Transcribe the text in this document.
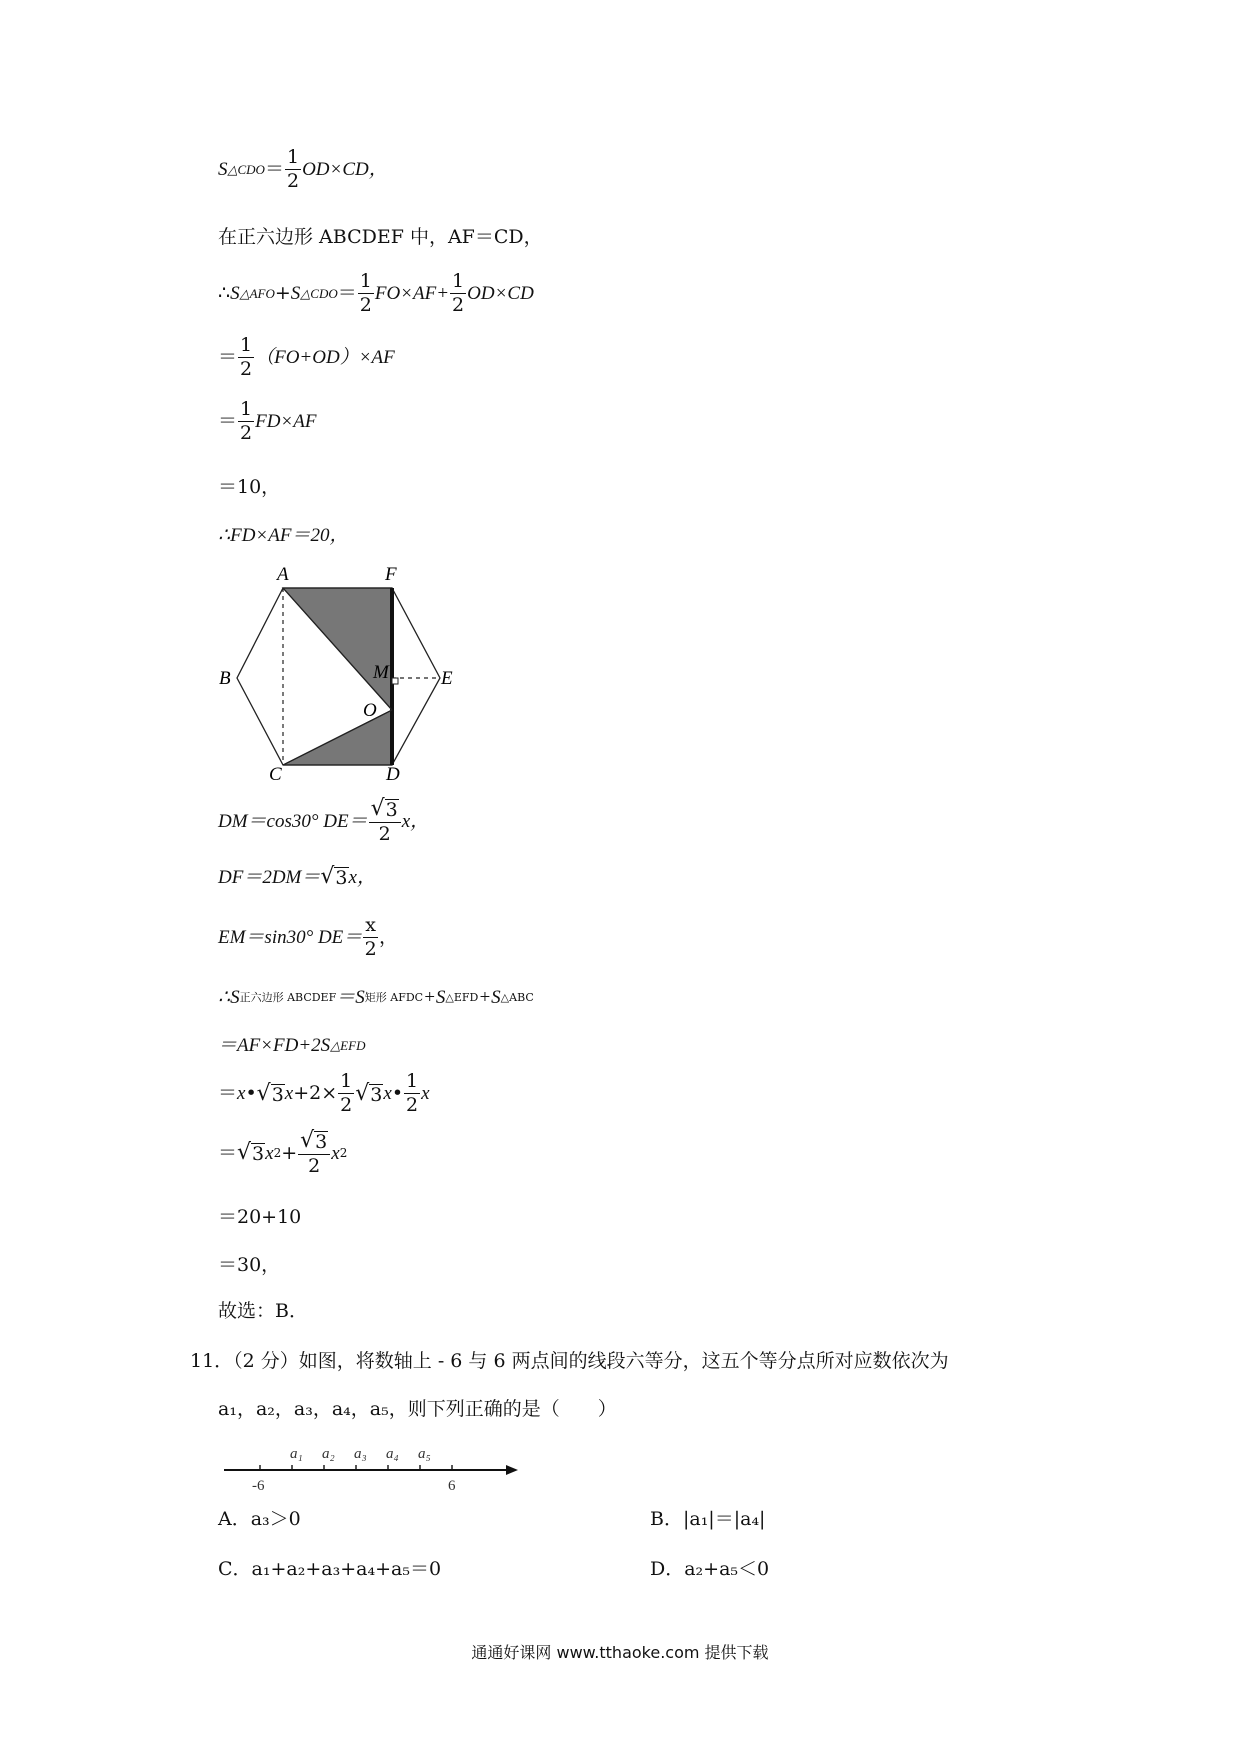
S △CDO ＝ $\frac{1}{2} OD\times CD$，
在正六边形 ABCDEF 中，AF＝CD，
∴ S △AFO + S △CDO ＝ $\frac{1}{2} FO\times AF+ \frac{1}{2} OD\times CD$
＝ $\frac{1}{2} (FO+OD)\times AF$
＝ $\frac{1}{2} FD\times AF$
＝10，
∴FD×AF＝20，
A	F
B	M	E
O
C	D
DM＝cos30° $DE= \frac{√ 3}{2}$ x，
DF＝2DM＝ √ 3 x，
EM＝sin30° $DE= \frac{x}{2}$ ，
∴S 正六边形 ABCDEF ＝S 矩形 AFDC +S △EFD +S △ABC
＝AF×FD+2S △EFD
＝ x • √ 3 $x +2\times \frac{1}{2}$ √ 3 x • $\frac{1}{2}$ x
＝ √ 3 x $2 + \frac{√ 3}{2}$ x 2
＝20+10
＝30，
故选：B．
11．（2 分）如图，将数轴上 - 6 与 6 两点间的线段六等分，这五个等分点所对应数依次为
a₁，a₂，a₃，a₄，a₅，则下列正确的是（　　）
a₁ a₂ a₃ a₄ a₅
-6	6
A．a₃＞0	B．|a₁|＝|a₄|
C．a₁+a₂+a₃+a₄+a₅＝0	D．a₂+a₅＜0
通通好课网 www.tthaoke.com 提供下载
